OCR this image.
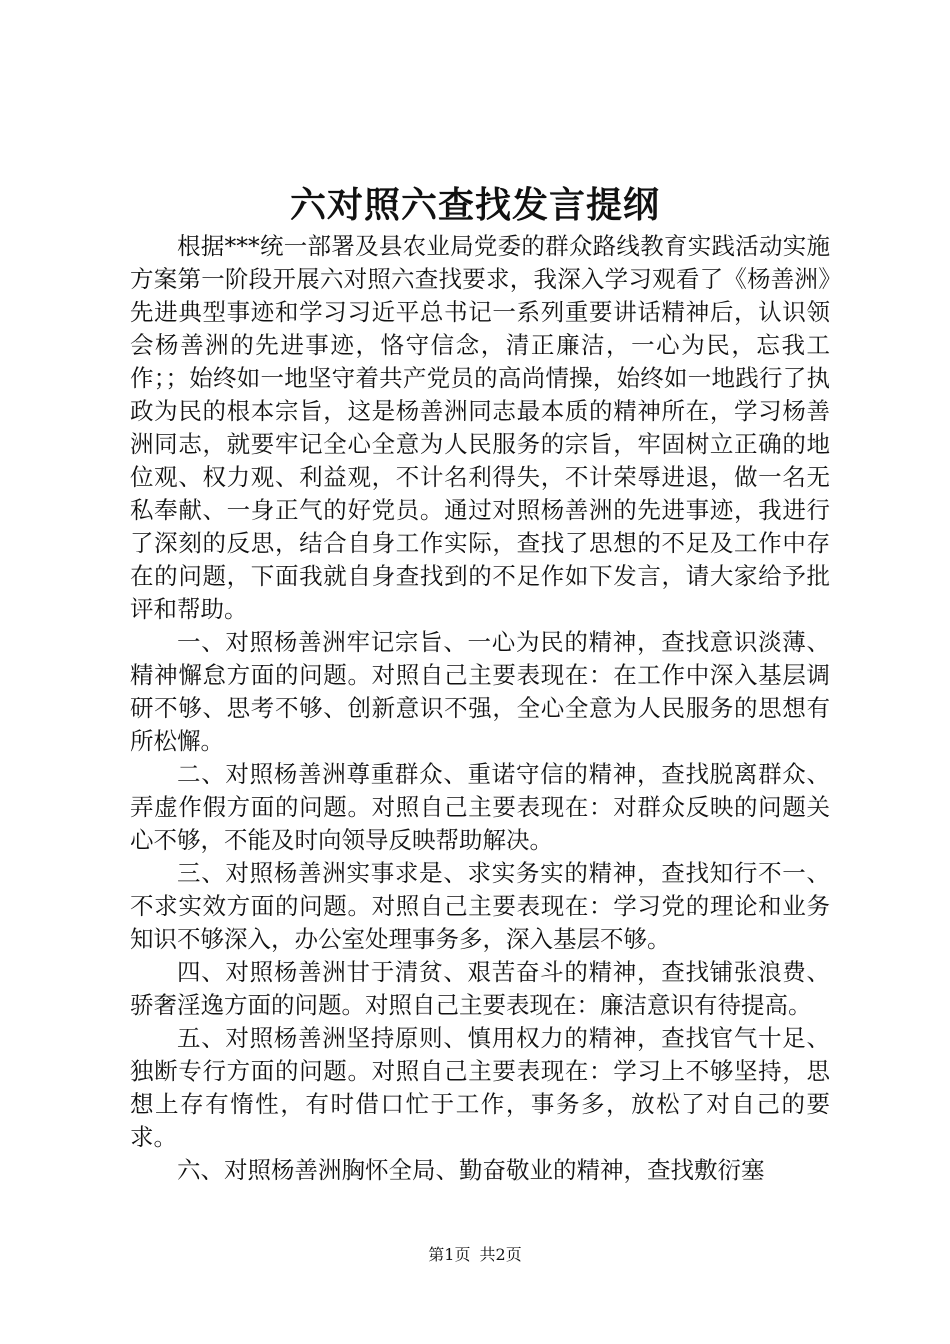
六对照六查找发言提纲

根据***统一部署及县农业局党委的群众路线教育实践活动实施方案第一阶段开展六对照六查找要求，我深入学习观看了《杨善洲》先进典型事迹和学习习近平总书记一系列重要讲话精神后，认识领会杨善洲的先进事迹，恪守信念，清正廉洁，一心为民，忘我工作；；始终如一地坚守着共产党员的高尚情操，始终如一地践行了执政为民的根本宗旨，这是杨善洲同志最本质的精神所在，学习杨善洲同志，就要牢记全心全意为人民服务的宗旨，牢固树立正确的地位观、权力观、利益观，不计名利得失，不计荣辱进退，做一名无私奉献、一身正气的好党员。通过对照杨善洲的先进事迹，我进行了深刻的反思，结合自身工作实际，查找了思想的不足及工作中存在的问题，下面我就自身查找到的不足作如下发言，请大家给予批评和帮助。

一、对照杨善洲牢记宗旨、一心为民的精神，查找意识淡薄、精神懈怠方面的问题。对照自己主要表现在：在工作中深入基层调研不够、思考不够、创新意识不强，全心全意为人民服务的思想有所松懈。

二、对照杨善洲尊重群众、重诺守信的精神，查找脱离群众、弄虚作假方面的问题。对照自己主要表现在：对群众反映的问题关心不够，不能及时向领导反映帮助解决。

三、对照杨善洲实事求是、求实务实的精神，查找知行不一、不求实效方面的问题。对照自己主要表现在：学习党的理论和业务知识不够深入，办公室处理事务多，深入基层不够。

四、对照杨善洲甘于清贫、艰苦奋斗的精神，查找铺张浪费、骄奢淫逸方面的问题。对照自己主要表现在：廉洁意识有待提高。

五、对照杨善洲坚持原则、慎用权力的精神，查找官气十足、独断专行方面的问题。对照自己主要表现在：学习上不够坚持，思想上存有惰性，有时借口忙于工作，事务多，放松了对自己的要求。

六、对照杨善洲胸怀全局、勤奋敬业的精神，查找敷衍塞

第1页 共2页
